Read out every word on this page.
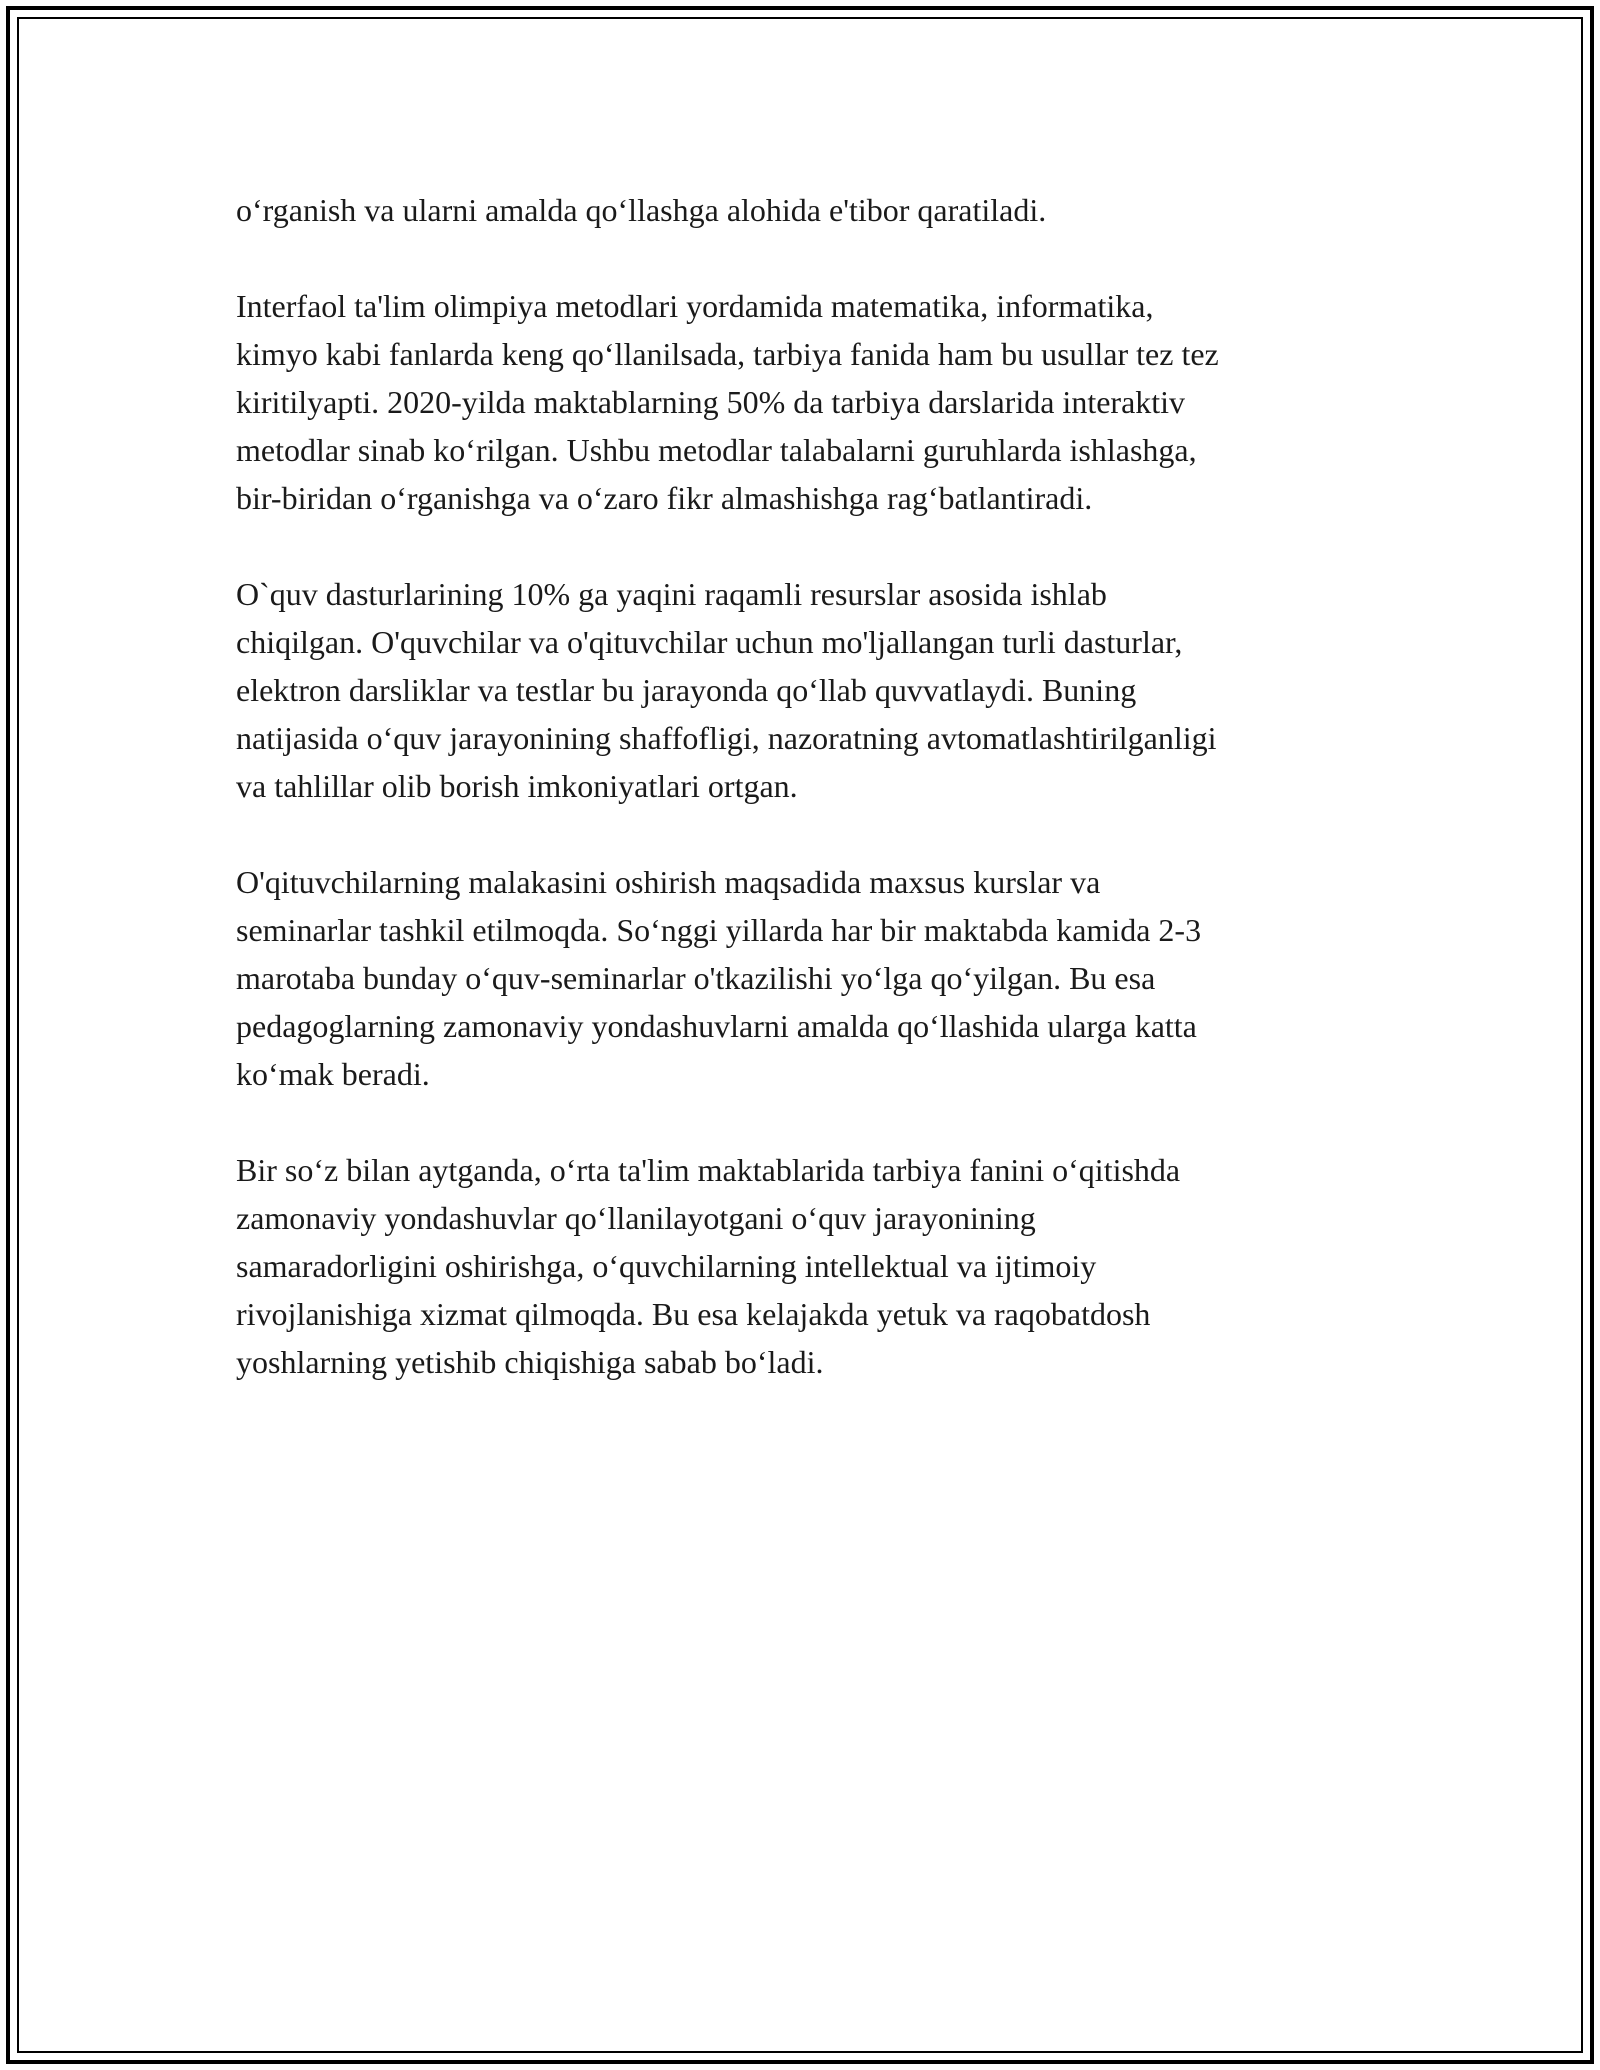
o‘rganish va ularni amalda qo‘llashga alohida e'tibor qaratiladi.

Interfaol ta'lim olimpiya metodlari yordamida matematika, informatika,
kimyo kabi fanlarda keng qo‘llanilsada, tarbiya fanida ham bu usullar tez tez
kiritilyapti. 2020-yilda maktablarning 50% da tarbiya darslarida interaktiv
metodlar sinab ko‘rilgan. Ushbu metodlar talabalarni guruhlarda ishlashga,
bir-biridan o‘rganishga va o‘zaro fikr almashishga rag‘batlantiradi.

O`quv dasturlarining 10% ga yaqini raqamli resurslar asosida ishlab
chiqilgan. O'quvchilar va o'qituvchilar uchun mo'ljallangan turli dasturlar,
elektron darsliklar va testlar bu jarayonda qo‘llab quvvatlaydi. Buning
natijasida o‘quv jarayonining shaffofligi, nazoratning avtomatlashtirilganligi
va tahlillar olib borish imkoniyatlari ortgan.

O'qituvchilarning malakasini oshirish maqsadida maxsus kurslar va
seminarlar tashkil etilmoqda. So‘nggi yillarda har bir maktabda kamida 2-3
marotaba bunday o‘quv-seminarlar o'tkazilishi yo‘lga qo‘yilgan. Bu esa
pedagoglarning zamonaviy yondashuvlarni amalda qo‘llashida ularga katta
ko‘mak beradi.

Bir so‘z bilan aytganda, o‘rta ta'lim maktablarida tarbiya fanini o‘qitishda
zamonaviy yondashuvlar qo‘llanilayotgani o‘quv jarayonining
samaradorligini oshirishga, o‘quvchilarning intellektual va ijtimoiy
rivojlanishiga xizmat qilmoqda. Bu esa kelajakda yetuk va raqobatdosh
yoshlarning yetishib chiqishiga sabab bo‘ladi.
